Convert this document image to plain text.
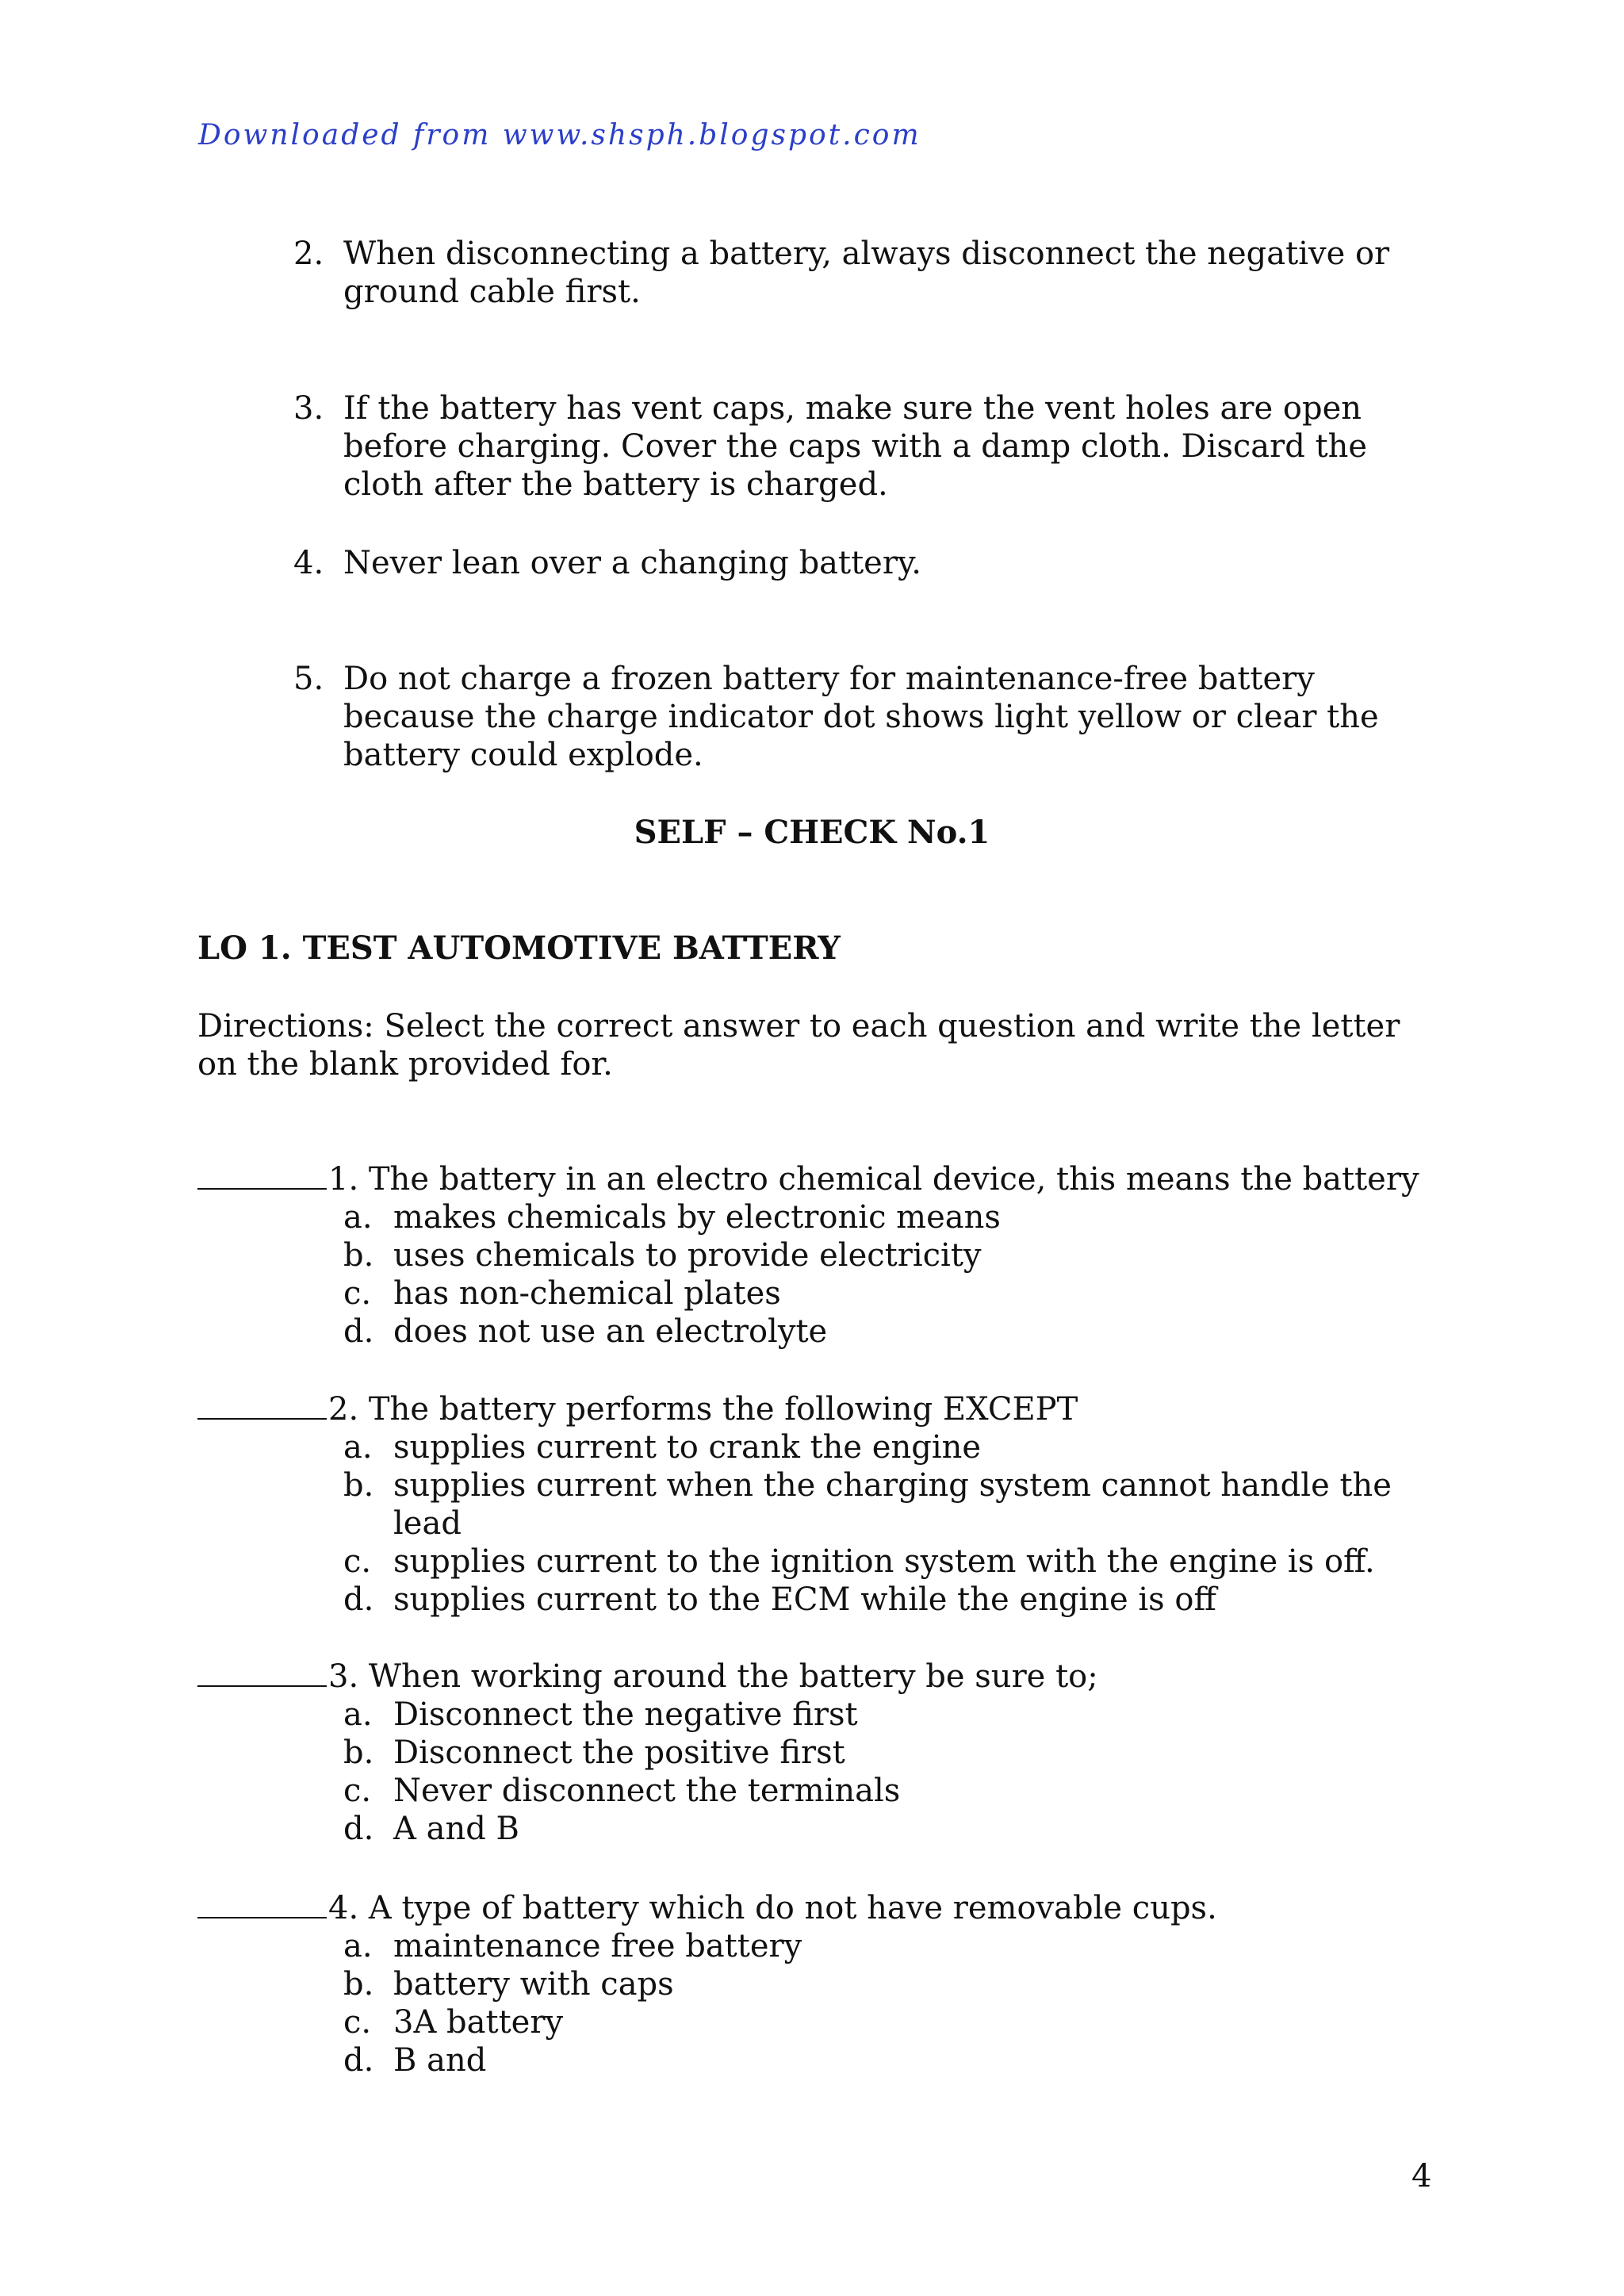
Downloaded from www.shsph.blogspot.com
2. When disconnecting a battery, always disconnect the negative or ground cable first.
3. If the battery has vent caps, make sure the vent holes are open before charging. Cover the caps with a damp cloth. Discard the cloth after the battery is charged.
4. Never lean over a changing battery.
5. Do not charge a frozen battery for maintenance-free battery because the charge indicator dot shows light yellow or clear the battery could explode.
SELF – CHECK No.1
LO 1. TEST AUTOMOTIVE BATTERY
Directions: Select the correct answer to each question and write the letter on the blank provided for.
1. The battery in an electro chemical device, this means the battery
a. makes chemicals by electronic means
b. uses chemicals to provide electricity
c. has non-chemical plates
d. does not use an electrolyte
2. The battery performs the following EXCEPT
a. supplies current to crank the engine
b. supplies current when the charging system cannot handle the lead
c. supplies current to the ignition system with the engine is off.
d. supplies current to the ECM while the engine is off
3. When working around the battery be sure to;
a. Disconnect the negative first
b. Disconnect the positive first
c. Never disconnect the terminals
d. A and B
4. A type of battery which do not have removable cups.
a. maintenance free battery
b. battery with caps
c. 3A battery
d. B and
4
